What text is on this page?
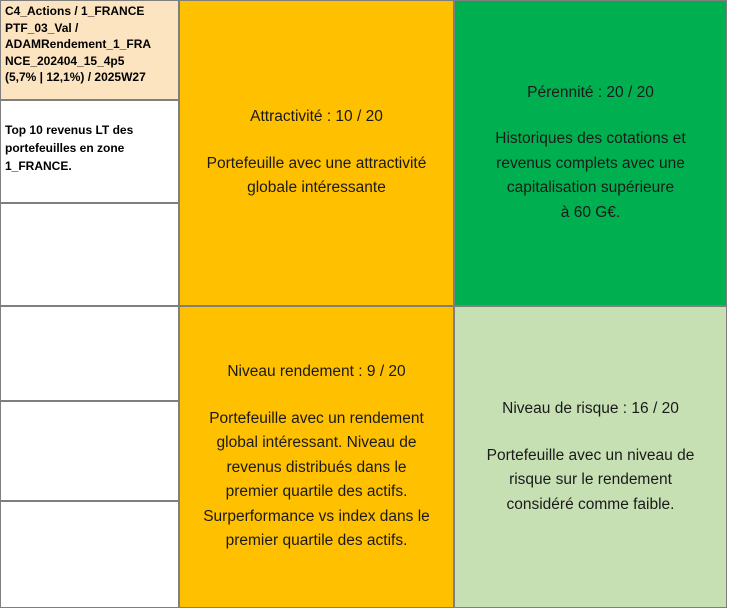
C4_Actions / 1_FRANCE
PTF_03_Val /
ADAMRendement_1_FRA
NCE_202404_15_4p5
(5,7% | 12,1%) / 2025W27
Top 10 revenus LT des portefeuilles en zone 1_FRANCE.
Attractivité : 10 / 20
Portefeuille avec une attractivité
globale intéressante
Pérennité : 20 / 20
Historiques des cotations et
revenus complets avec une
capitalisation supérieure
à 60 G€.
Niveau rendement : 9 / 20
Portefeuille avec un rendement
global intéressant. Niveau de
revenus distribués dans le
premier quartile des actifs.
Surperformance vs index dans le
premier quartile des actifs.
Niveau de risque : 16 / 20
Portefeuille avec un niveau de
risque sur le rendement
considéré comme faible.
